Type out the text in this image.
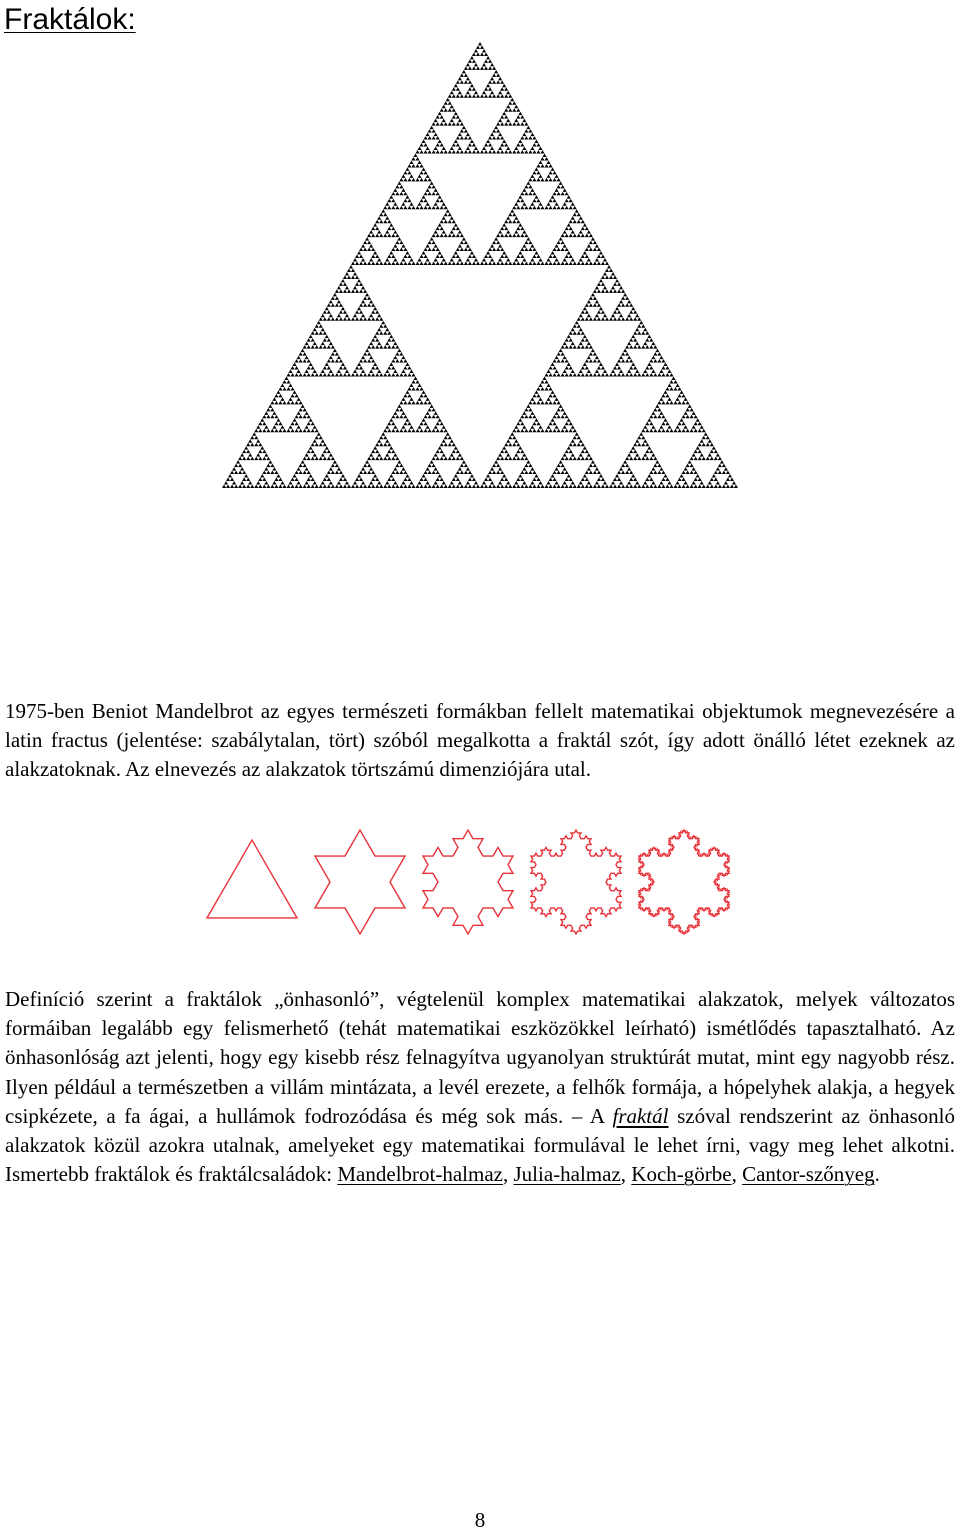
Fraktálok:

1975-ben Beniot Mandelbrot az egyes természeti formákban fellelt matematikai objektumok megnevezésére a latin fractus (jelentése: szabálytalan, tört) szóból megalkotta a fraktál szót, így adott önálló létet ezeknek az alakzatoknak. Az elnevezés az alakzatok törtszámú dimenziójára utal.

Definíció szerint a fraktálok „önhasonló”, végtelenül komplex matematikai alakzatok, melyek változatos formáiban legalább egy felismerhető (tehát matematikai eszközökkel leírható) ismétlődés tapasztalható. Az önhasonlóság azt jelenti, hogy egy kisebb rész felnagyítva ugyanolyan struktúrát mutat, mint egy nagyobb rész. Ilyen például a természetben a villám mintázata, a levél erezete, a felhők formája, a hópelyhek alakja, a hegyek csipkézete, a fa ágai, a hullámok fodrozódása és még sok más. – A fraktál szóval rendszerint az önhasonló alakzatok közül azokra utalnak, amelyeket egy matematikai formulával le lehet írni, vagy meg lehet alkotni. Ismertebb fraktálok és fraktálcsaládok: Mandelbrot-halmaz, Julia-halmaz, Koch-görbe, Cantor-szőnyeg.

8
